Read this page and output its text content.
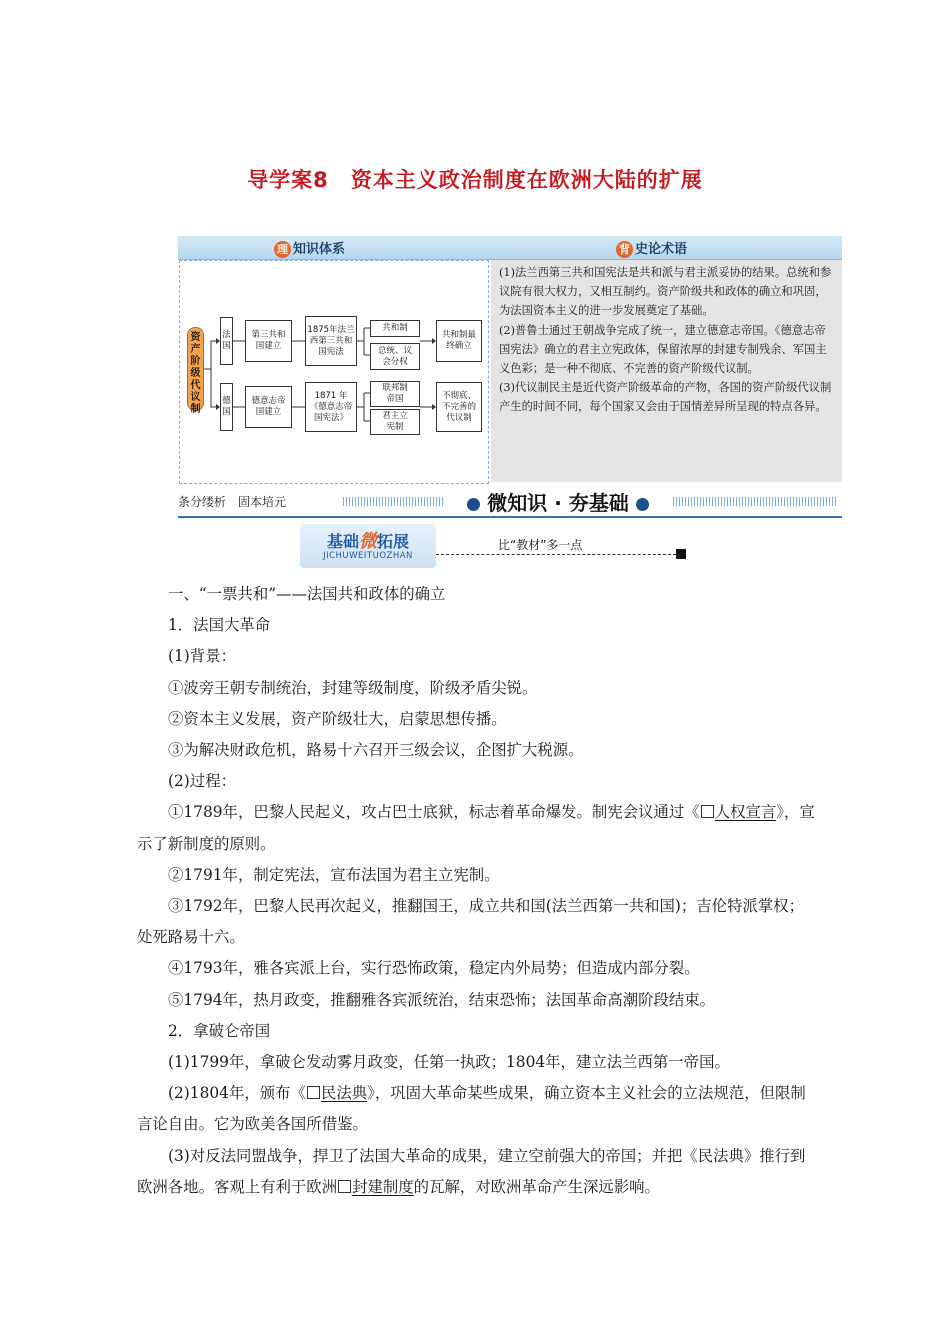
导学案8 资本主义政治制度在欧洲大陆的扩展
理 知识体系	背 史论术语
资产阶级代议制
法
国
第三共和
国建立
1875年法兰
西第三共和
国宪法
共和制
总统、议
会分权
共和制最
终确立
德
国
德意志帝
国建立
1871 年
《德意志帝
国宪法》
联邦制
帝国
君主立
宪制
不彻底、
不完善的
代议制

(1)法兰西第三共和国宪法是共和派与君主派妥协的结果。总统和参议院有很大权力，又相互制约。资产阶级共和政体的确立和巩固，为法国资本主义的进一步发展奠定了基础。

(2)普鲁士通过王朝战争完成了统一，建立德意志帝国。《德意志帝国宪法》确立的君主立宪政体，保留浓厚的封建专制残余、军国主义色彩；是一种不彻底、不完善的资产阶级代议制。

(3)代议制民主是近代资产阶级革命的产物，各国的资产阶级代议制产生的时间不同，每个国家又会由于国情差异所呈现的特点各异。

条分缕析　固本培元	微知识 · 夯基础
基础微拓展
JICHUWEITUOZHAN
比“教材”多一点

一、“一票共和”——法国共和政体的确立

1．法国大革命

(1)背景：

①波旁王朝专制统治，封建等级制度，阶级矛盾尖锐。

②资本主义发展，资产阶级壮大，启蒙思想传播。

③为解决财政危机，路易十六召开三级会议，企图扩大税源。

(2)过程：

①1789年，巴黎人民起义，攻占巴士底狱，标志着革命爆发。制宪会议通过《 人权宣言》，宣示了新制度的原则。

②1791年，制定宪法，宣布法国为君主立宪制。

③1792年，巴黎人民再次起义，推翻国王，成立共和国(法兰西第一共和国)；吉伦特派掌权；处死路易十六。

④1793年，雅各宾派上台，实行恐怖政策，稳定内外局势；但造成内部分裂。

⑤1794年，热月政变，推翻雅各宾派统治，结束恐怖；法国革命高潮阶段结束。

2．拿破仑帝国

(1)1799年，拿破仑发动雾月政变，任第一执政；1804年，建立法兰西第一帝国。

(2)1804年，颁布《 民法典》，巩固大革命某些成果，确立资本主义社会的立法规范，但限制言论自由。它为欧美各国所借鉴。

(3)对反法同盟战争，捍卫了法国大革命的成果，建立空前强大的帝国；并把《民法典》推行到欧洲各地。客观上有利于欧洲 封建制度的瓦解，对欧洲革命产生深远影响。
